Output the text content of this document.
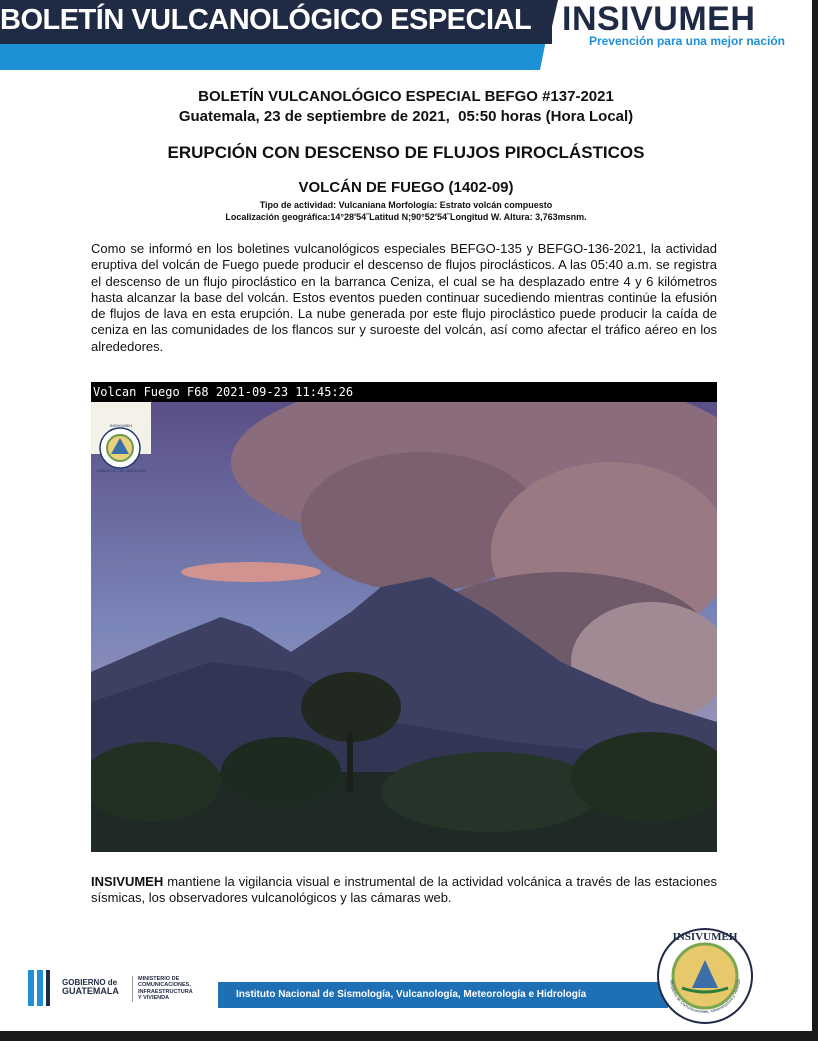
BOLETÍN VULCANOLÓGICO ESPECIAL INSIVUMEH
Prevención para una mejor nación
BOLETÍN VULCANOLÓGICO ESPECIAL BEFGO #137-2021
Guatemala, 23 de septiembre de 2021,  05:50 horas (Hora Local)
ERUPCIÓN CON DESCENSO DE FLUJOS PIROCLÁSTICOS
VOLCÁN DE FUEGO (1402-09)
Tipo de actividad: Vulcaniana Morfología: Estrato volcán compuesto
Localización geográfica:14°28′54˝Latitud N;90°52′54˝Longitud W. Altura: 3,763msnm.
Como se informó en los boletines vulcanológicos especiales BEFGO-135 y BEFGO-136-2021, la actividad eruptiva del volcán de Fuego puede producir el descenso de flujos piroclásticos. A las 05:40 a.m. se registra el descenso de un flujo piroclástico en la barranca Ceniza, el cual se ha desplazado entre 4 y 6 kilómetros hasta alcanzar la base del volcán. Estos eventos pueden continuar sucediendo mientras continúe la efusión de flujos de lava en esta erupción. La nube generada por este flujo piroclástico puede producir la caída de ceniza en las comunidades de los flancos sur y suroeste del volcán, así como afectar el tráfico aéreo en los alrededores.
Volcan Fuego F68 2021-09-23 11:45:26
INSIVUMEH
UNIDAD DE VULCANOLOGÍA
INSIVUMEH mantiene la vigilancia visual e instrumental de la actividad volcánica a través de las estaciones sísmicas, los observadores vulcanológicos y las cámaras web.
GOBIERNO de
GUATEMALA
MINISTERIO DE
COMUNICACIONES,
INFRAESTRUCTURA
Y VIVIENDA	Instituto Nacional de Sismología, Vulcanología, Meteorología e Hidrología
INSIVUMEH
Ministerio de Comunicaciones, Infraestructura y Vivienda
